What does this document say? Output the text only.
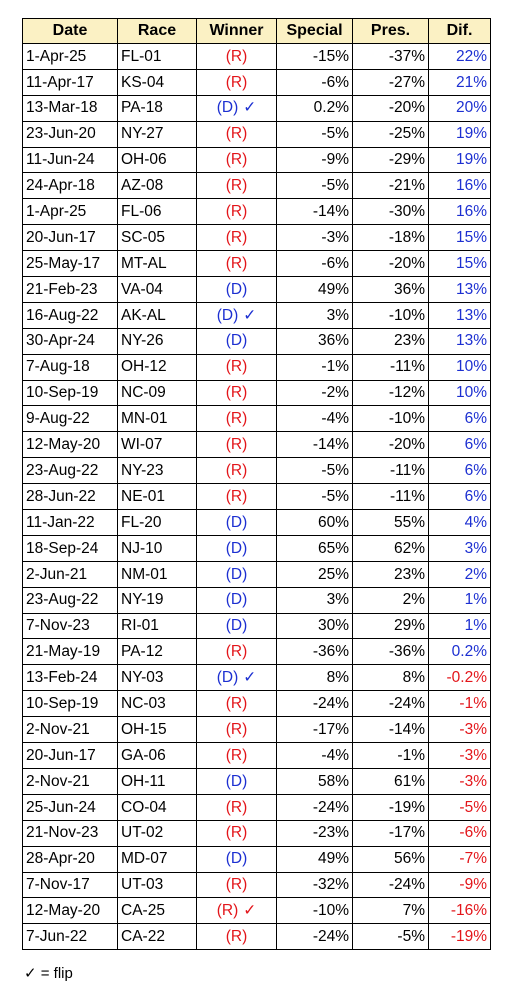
Date	Race	Winner	Special	Pres.	Dif.
1-Apr-25	FL-01	(R)	-15%	-37%	22%
11-Apr-17	KS-04	(R)	-6%	-27%	21%
13-Mar-18	PA-18	(D) ✓	0.2%	-20%	20%
23-Jun-20	NY-27	(R)	-5%	-25%	19%
11-Jun-24	OH-06	(R)	-9%	-29%	19%
24-Apr-18	AZ-08	(R)	-5%	-21%	16%
1-Apr-25	FL-06	(R)	-14%	-30%	16%
20-Jun-17	SC-05	(R)	-3%	-18%	15%
25-May-17	MT-AL	(R)	-6%	-20%	15%
21-Feb-23	VA-04	(D)	49%	36%	13%
16-Aug-22	AK-AL	(D) ✓	3%	-10%	13%
30-Apr-24	NY-26	(D)	36%	23%	13%
7-Aug-18	OH-12	(R)	-1%	-11%	10%
10-Sep-19	NC-09	(R)	-2%	-12%	10%
9-Aug-22	MN-01	(R)	-4%	-10%	6%
12-May-20	WI-07	(R)	-14%	-20%	6%
23-Aug-22	NY-23	(R)	-5%	-11%	6%
28-Jun-22	NE-01	(R)	-5%	-11%	6%
11-Jan-22	FL-20	(D)	60%	55%	4%
18-Sep-24	NJ-10	(D)	65%	62%	3%
2-Jun-21	NM-01	(D)	25%	23%	2%
23-Aug-22	NY-19	(D)	3%	2%	1%
7-Nov-23	RI-01	(D)	30%	29%	1%
21-May-19	PA-12	(R)	-36%	-36%	0.2%
13-Feb-24	NY-03	(D) ✓	8%	8%	-0.2%
10-Sep-19	NC-03	(R)	-24%	-24%	-1%
2-Nov-21	OH-15	(R)	-17%	-14%	-3%
20-Jun-17	GA-06	(R)	-4%	-1%	-3%
2-Nov-21	OH-11	(D)	58%	61%	-3%
25-Jun-24	CO-04	(R)	-24%	-19%	-5%
21-Nov-23	UT-02	(R)	-23%	-17%	-6%
28-Apr-20	MD-07	(D)	49%	56%	-7%
7-Nov-17	UT-03	(R)	-32%	-24%	-9%
12-May-20	CA-25	(R) ✓	-10%	7%	-16%
7-Jun-22	CA-22	(R)	-24%	-5%	-19%
✓ = flip
